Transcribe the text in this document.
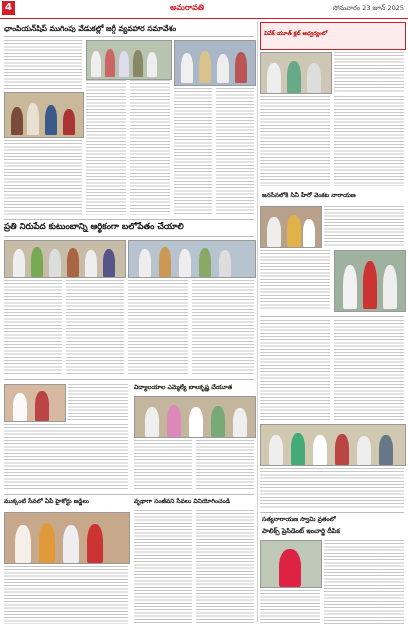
4	అమరావతి	సోమవారం 23 జూన్ 2025
ఛాంపియన్‌షిప్ ముగింపు వేడుకల్లో జగ్గీ వ్యవహార సమావేశం
వివేక్ యూత్ క్లబ్ ఆధ్వర్యంలో
జనసేనలోకి సినీ హీరో వెంకట నారాయణ
ప్రతి నిరుపేద కుటుంబాన్ని ఆర్థికంగా బలోపేతం చేయాలి
విద్యాలయాల ఎమ్మెల్యే బాలకృష్ణ చేయూత
ముక్కంటి సేవలో ఏపీ హైకోర్టు జడ్జిలు	వృథాగా సంజీవని సేవలు వినియోగించండి
సత్యనారాయణ స్వామి వ్రతంలో
పాలిక్స్ ప్రెసిడెంట్ ఇంచార్జి దీపిక
